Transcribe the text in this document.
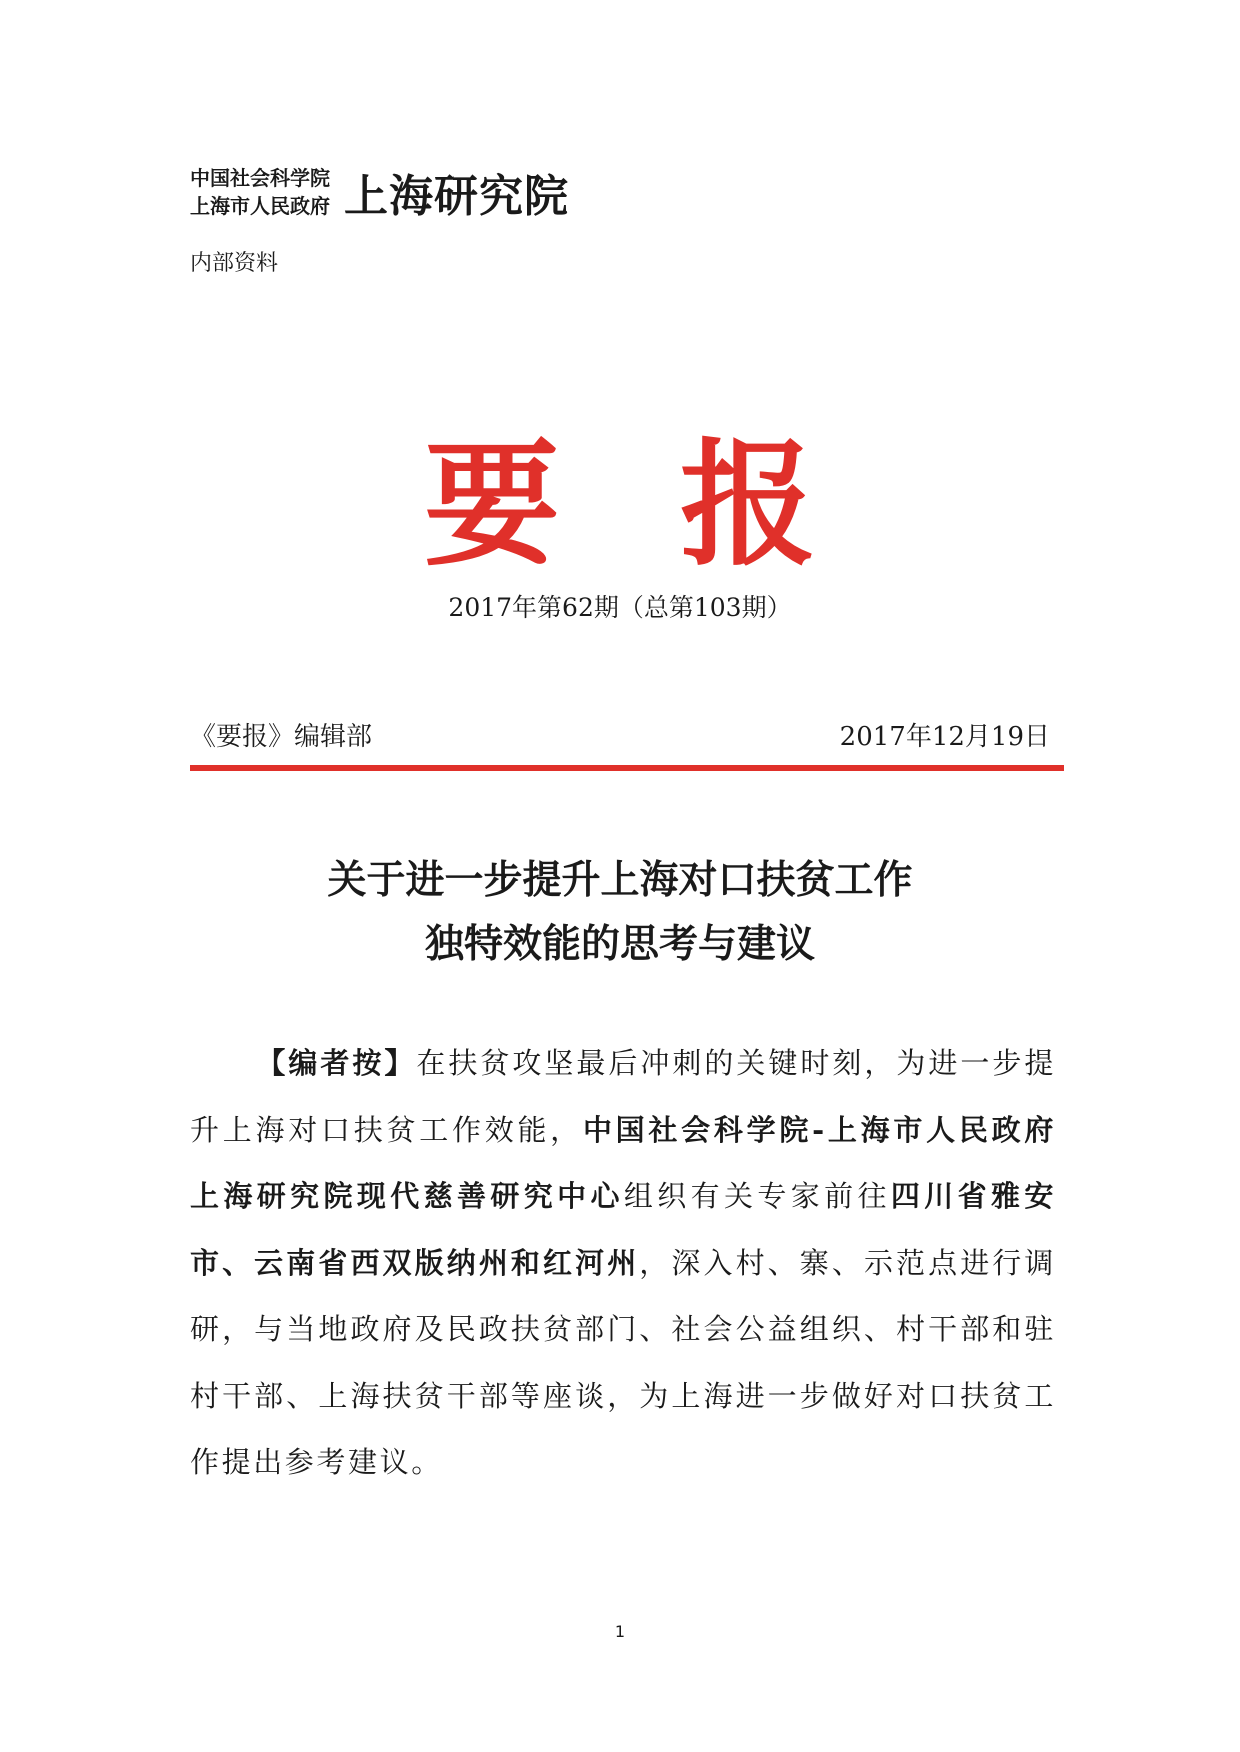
中国社会科学院
上海市人民政府 上海研究院
内部资料
要 报
2017年第62期（总第103期）
《要报》编辑部	2017年12月19日
关于进一步提升上海对口扶贫工作
独特效能的思考与建议
【编者按】在扶贫攻坚最后冲刺的关键时刻，为进一步提升上海对口扶贫工作效能，中国社会科学院-上海市人民政府上海研究院现代慈善研究中心组织有关专家前往四川省雅安市、云南省西双版纳州和红河州，深入村、寨、示范点进行调研，与当地政府及民政扶贫部门、社会公益组织、村干部和驻村干部、上海扶贫干部等座谈，为上海进一步做好对口扶贫工作提出参考建议。
1
